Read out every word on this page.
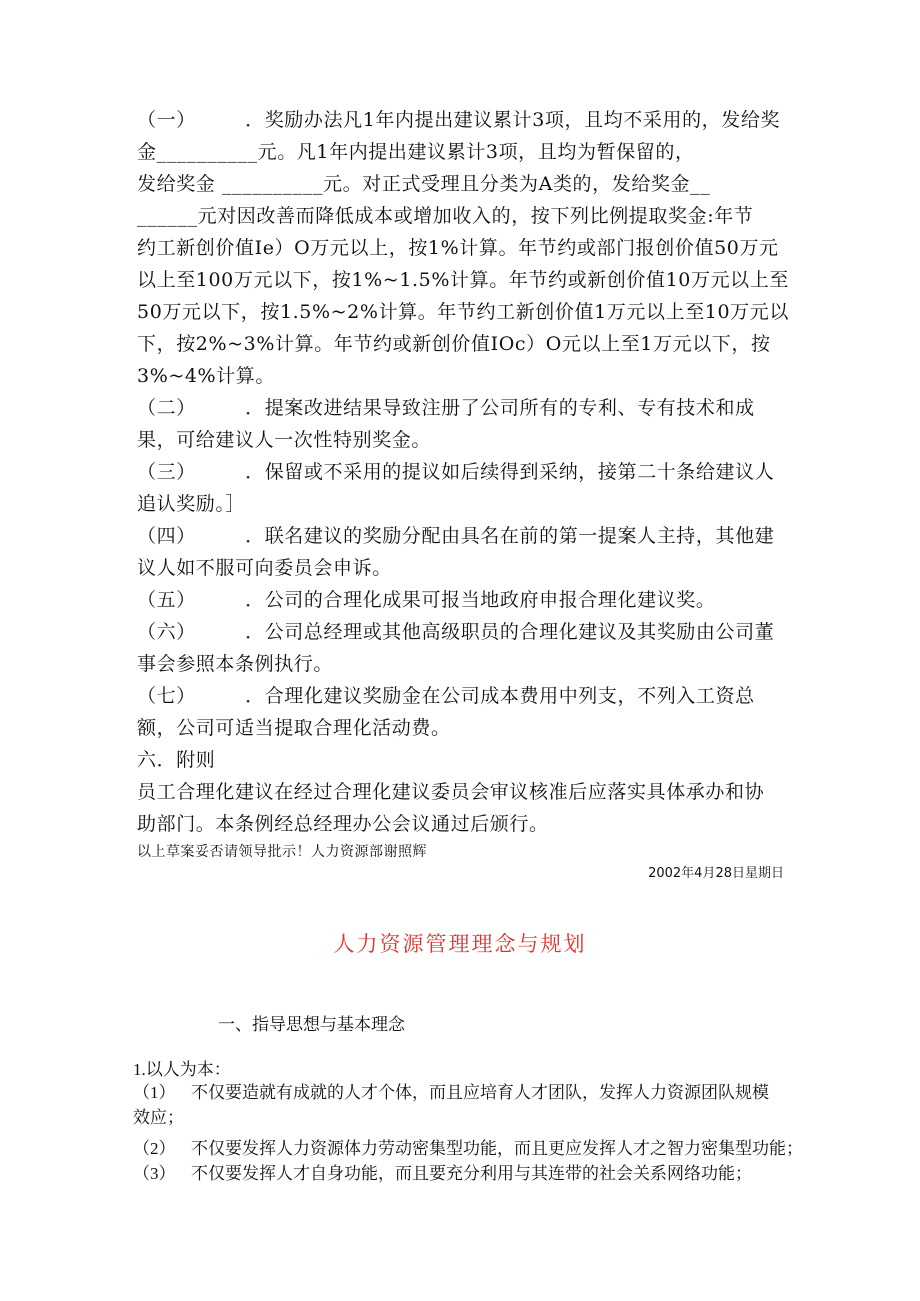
（一）　　　．奖励办法凡1年内提出建议累计3项，且均不采用的，发给奖
金__________元。凡1年内提出建议累计3项，且均为暂保留的，
发给奖金 __________元。对正式受理且分类为A类的，发给奖金__
______元对因改善而降低成本或增加收入的，按下列比例提取奖金:年节
约工新创价值Ie）O万元以上，按1%计算。年节约或部门报创价值50万元
以上至100万元以下，按1%~1.5%计算。年节约或新创价值10万元以上至
50万元以下，按1.5%~2%计算。年节约工新创价值1万元以上至10万元以
下，按2%~3%计算。年节约或新创价值IOc）O元以上至1万元以下，按
3%~4%计算。
（二）　　　．提案改进结果导致注册了公司所有的专利、专有技术和成
果，可给建议人一次性特别奖金。
（三）　　　．保留或不采用的提议如后续得到采纳，接第二十条给建议人
追认奖励。］
（四）　　　．联名建议的奖励分配由具名在前的第一提案人主持，其他建
议人如不服可向委员会申诉。
（五）　　　．公司的合理化成果可报当地政府申报合理化建议奖。
（六）　　　．公司总经理或其他高级职员的合理化建议及其奖励由公司董
事会参照本条例执行。
（七）　　　．合理化建议奖励金在公司成本费用中列支，不列入工资总
额，公司可适当提取合理化活动费。
六．附则
员工合理化建议在经过合理化建议委员会审议核准后应落实具体承办和协
助部门。本条例经总经理办公会议通过后颁行。
以上草案妥否请领导批示！人力资源部谢照辉
2002年4月28日星期日
人力资源管理理念与规划
一、指导思想与基本理念
1.以人为本：
（1） 不仅要造就有成就的人才个体，而且应培育人才团队，发挥人力资源团队规模
效应；
（2） 不仅要发挥人力资源体力劳动密集型功能，而且更应发挥人才之智力密集型功能；
（3） 不仅要发挥人才自身功能，而且要充分利用与其连带的社会关系网络功能；
